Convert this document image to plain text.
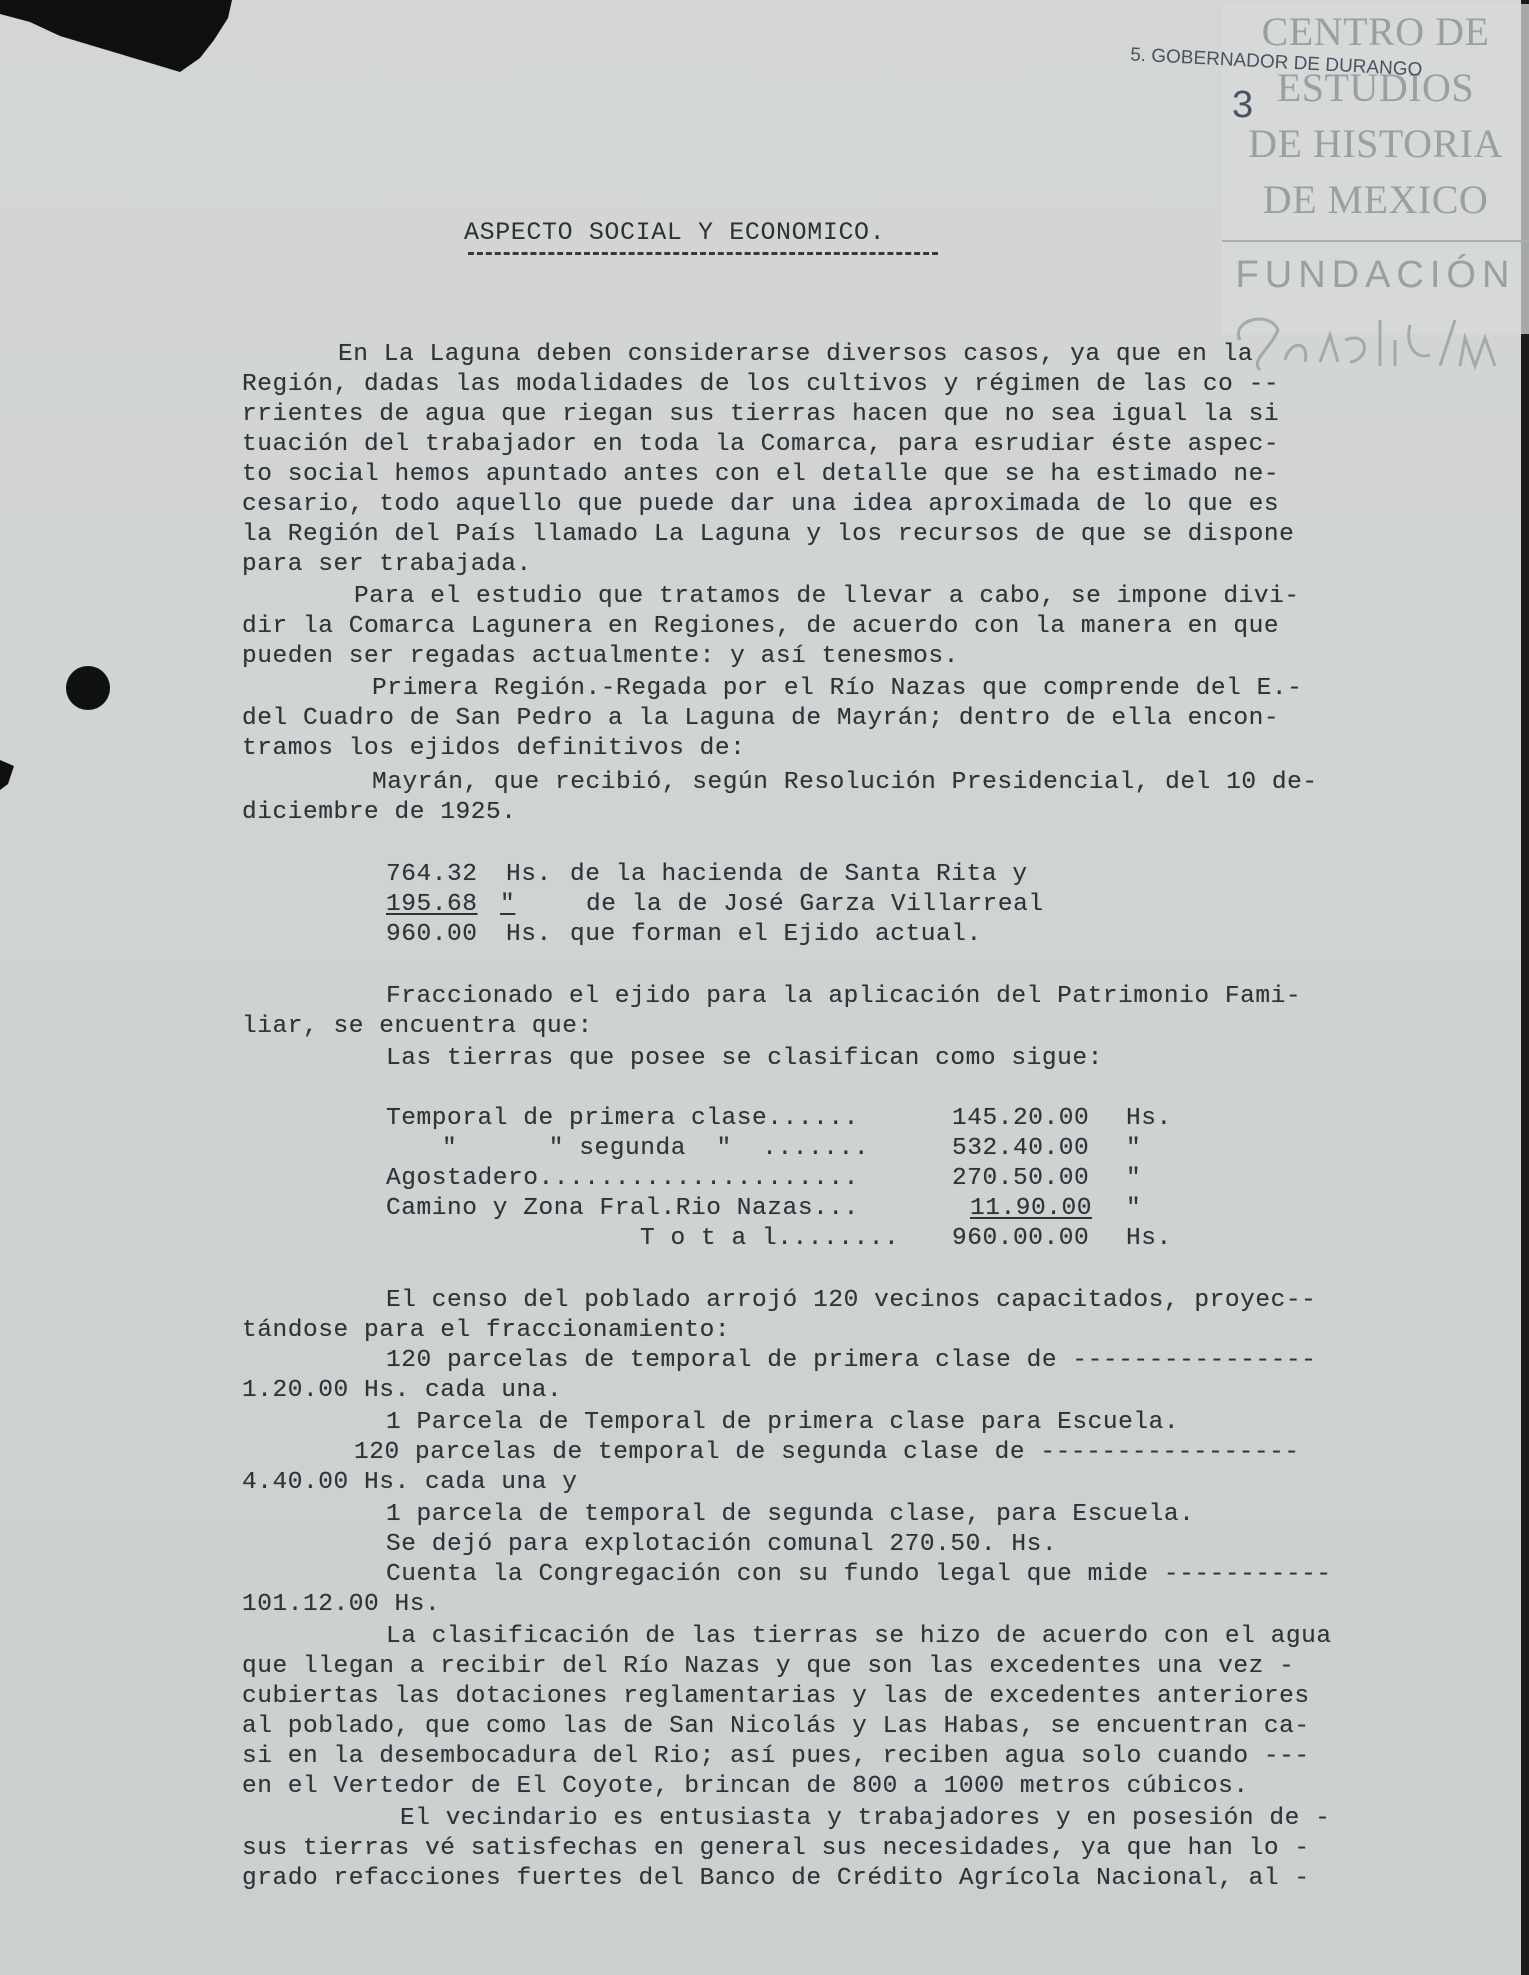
CENTRO DE
ESTUDIOS
DE HISTORIA
DE MEXICO
FUNDACIÓN
5. GOBERNADOR DE DURANGO
3
ASPECTO SOCIAL Y ECONOMICO.
En La Laguna deben considerarse diversos casos, ya que en la
Región, dadas las modalidades de los cultivos y régimen de las co --
rrientes de agua que riegan sus tierras hacen que no sea igual la si
tuación del trabajador en toda la Comarca, para esrudiar éste aspec-
to social hemos apuntado antes con el detalle que se ha estimado ne-
cesario, todo aquello que puede dar una idea aproximada de lo que es
la Región del País llamado La Laguna y los recursos de que se dispone
para ser trabajada.
Para el estudio que tratamos de llevar a cabo, se impone divi-
dir la Comarca Lagunera en Regiones, de acuerdo con la manera en que
pueden ser regadas actualmente: y así tenesmos.
Primera Región.-Regada por el Río Nazas que comprende del E.-
del Cuadro de San Pedro a la Laguna de Mayrán; dentro de ella encon-
tramos los ejidos definitivos de:
Mayrán, que recibió, según Resolución Presidencial, del 10 de-
diciembre de 1925.
764.32 Hs. de la hacienda de Santa Rita y
195.68 "	de la de José Garza Villarreal
960.00 Hs. que forman el Ejido actual.
Fraccionado el ejido para la aplicación del Patrimonio Fami-
liar, se encuentra que:
Las tierras que posee se clasifican como sigue:
Temporal de primera clase......	145.20.00 Hs.
"      " segunda  "  .......	532.40.00 "
Agostadero.....................	270.50.00 "
Camino y Zona Fral.Rio Nazas...	11.90.00 "
T o t a l........ 960.00.00 Hs.
El censo del poblado arrojó 120 vecinos capacitados, proyec--
tándose para el fraccionamiento:
120 parcelas de temporal de primera clase de ----------------
1.20.00 Hs. cada una.
1 Parcela de Temporal de primera clase para Escuela.
120 parcelas de temporal de segunda clase de -----------------
4.40.00 Hs. cada una y
1 parcela de temporal de segunda clase, para Escuela.
Se dejó para explotación comunal 270.50. Hs.
Cuenta la Congregación con su fundo legal que mide -----------
101.12.00 Hs.
La clasificación de las tierras se hizo de acuerdo con el agua
que llegan a recibir del Río Nazas y que son las excedentes una vez -
cubiertas las dotaciones reglamentarias y las de excedentes anteriores
al poblado, que como las de San Nicolás y Las Habas, se encuentran ca-
si en la desembocadura del Rio; así pues, reciben agua solo cuando ---
en el Vertedor de El Coyote, brincan de 800 a 1000 metros cúbicos.
El vecindario es entusiasta y trabajadores y en posesión de -
sus tierras vé satisfechas en general sus necesidades, ya que han lo -
grado refacciones fuertes del Banco de Crédito Agrícola Nacional, al -
